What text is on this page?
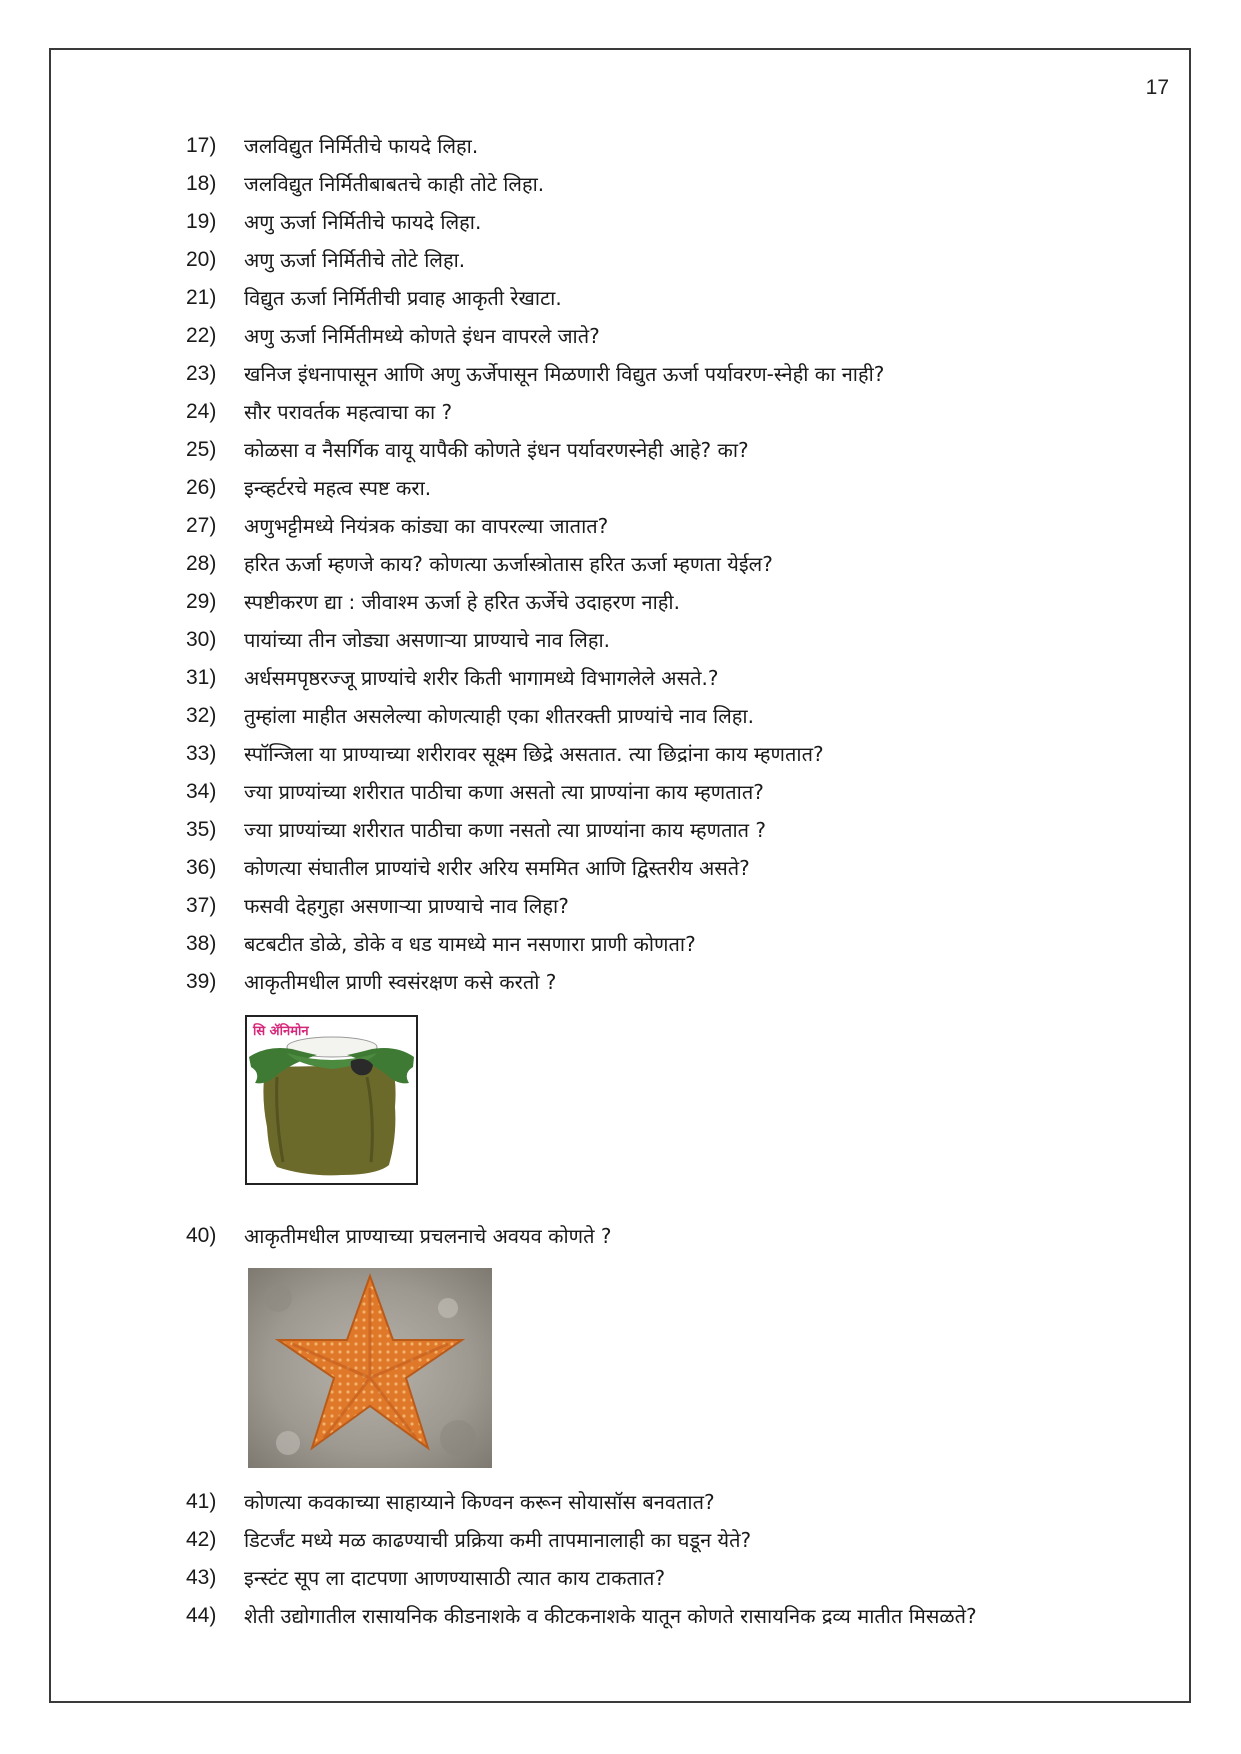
17
17)	जलविद्युत निर्मितीचे फायदे लिहा.
18)	जलविद्युत निर्मितीबाबतचे काही तोटे लिहा.
19)	अणु ऊर्जा निर्मितीचे फायदे लिहा.
20)	अणु ऊर्जा निर्मितीचे तोटे लिहा.
21)	विद्युत ऊर्जा निर्मितीची प्रवाह आकृती रेखाटा.
22)	अणु ऊर्जा निर्मितीमध्ये कोणते इंधन वापरले जाते?
23)	खनिज इंधनापासून आणि अणु ऊर्जेपासून मिळणारी विद्युत ऊर्जा पर्यावरण-स्नेही का नाही?
24)	सौर परावर्तक महत्वाचा का ?
25)	कोळसा व नैसर्गिक वायू यापैकी कोणते इंधन पर्यावरणस्नेही आहे? का?
26)	इन्व्हर्टरचे महत्व स्पष्ट करा.
27)	अणुभट्टीमध्ये नियंत्रक कांड्या का वापरल्या जातात?
28)	हरित ऊर्जा म्हणजे काय? कोणत्या ऊर्जास्त्रोतास हरित ऊर्जा म्हणता येईल?
29)	स्पष्टीकरण द्या : जीवाश्म ऊर्जा हे हरित ऊर्जेचे उदाहरण नाही.
30)	पायांच्या तीन जोड्या असणाऱ्या प्राण्याचे नाव लिहा.
31)	अर्धसमपृष्ठरज्जू प्राण्यांचे शरीर किती भागामध्ये विभागलेले असते.?
32)	तुम्हांला माहीत असलेल्या कोणत्याही एका शीतरक्ती प्राण्यांचे नाव लिहा.
33)	स्पॉन्जिला या प्राण्याच्या शरीरावर सूक्ष्म छिद्रे असतात. त्या छिद्रांना काय म्हणतात?
34)	ज्या प्राण्यांच्या शरीरात पाठीचा कणा असतो त्या प्राण्यांना काय म्हणतात?
35)	ज्या प्राण्यांच्या शरीरात पाठीचा कणा नसतो त्या प्राण्यांना काय म्हणतात ?
36)	कोणत्या संघातील प्राण्यांचे शरीर अरिय सममित आणि द्विस्तरीय असते?
37)	फसवी देहगुहा असणाऱ्या प्राण्याचे नाव लिहा?
38)	बटबटीत डोळे, डोके व धड यामध्ये मान नसणारा प्राणी कोणता?
39)	आकृतीमधील प्राणी स्वसंरक्षण कसे करतो ?
सि ॲनिमोन
40)	आकृतीमधील प्राण्याच्या प्रचलनाचे अवयव कोणते ?
41)	कोणत्या कवकाच्या साहाय्याने किण्वन करून सोयासॉस बनवतात?
42)	डिटर्जंट मध्ये मळ काढण्याची प्रक्रिया कमी तापमानालाही का घडून येते?
43)	इन्स्टंट सूप ला दाटपणा आणण्यासाठी त्यात काय टाकतात?
44)	शेती उद्योगातील रासायनिक कीडनाशके व कीटकनाशके यातून कोणते रासायनिक द्रव्य मातीत मिसळते?
